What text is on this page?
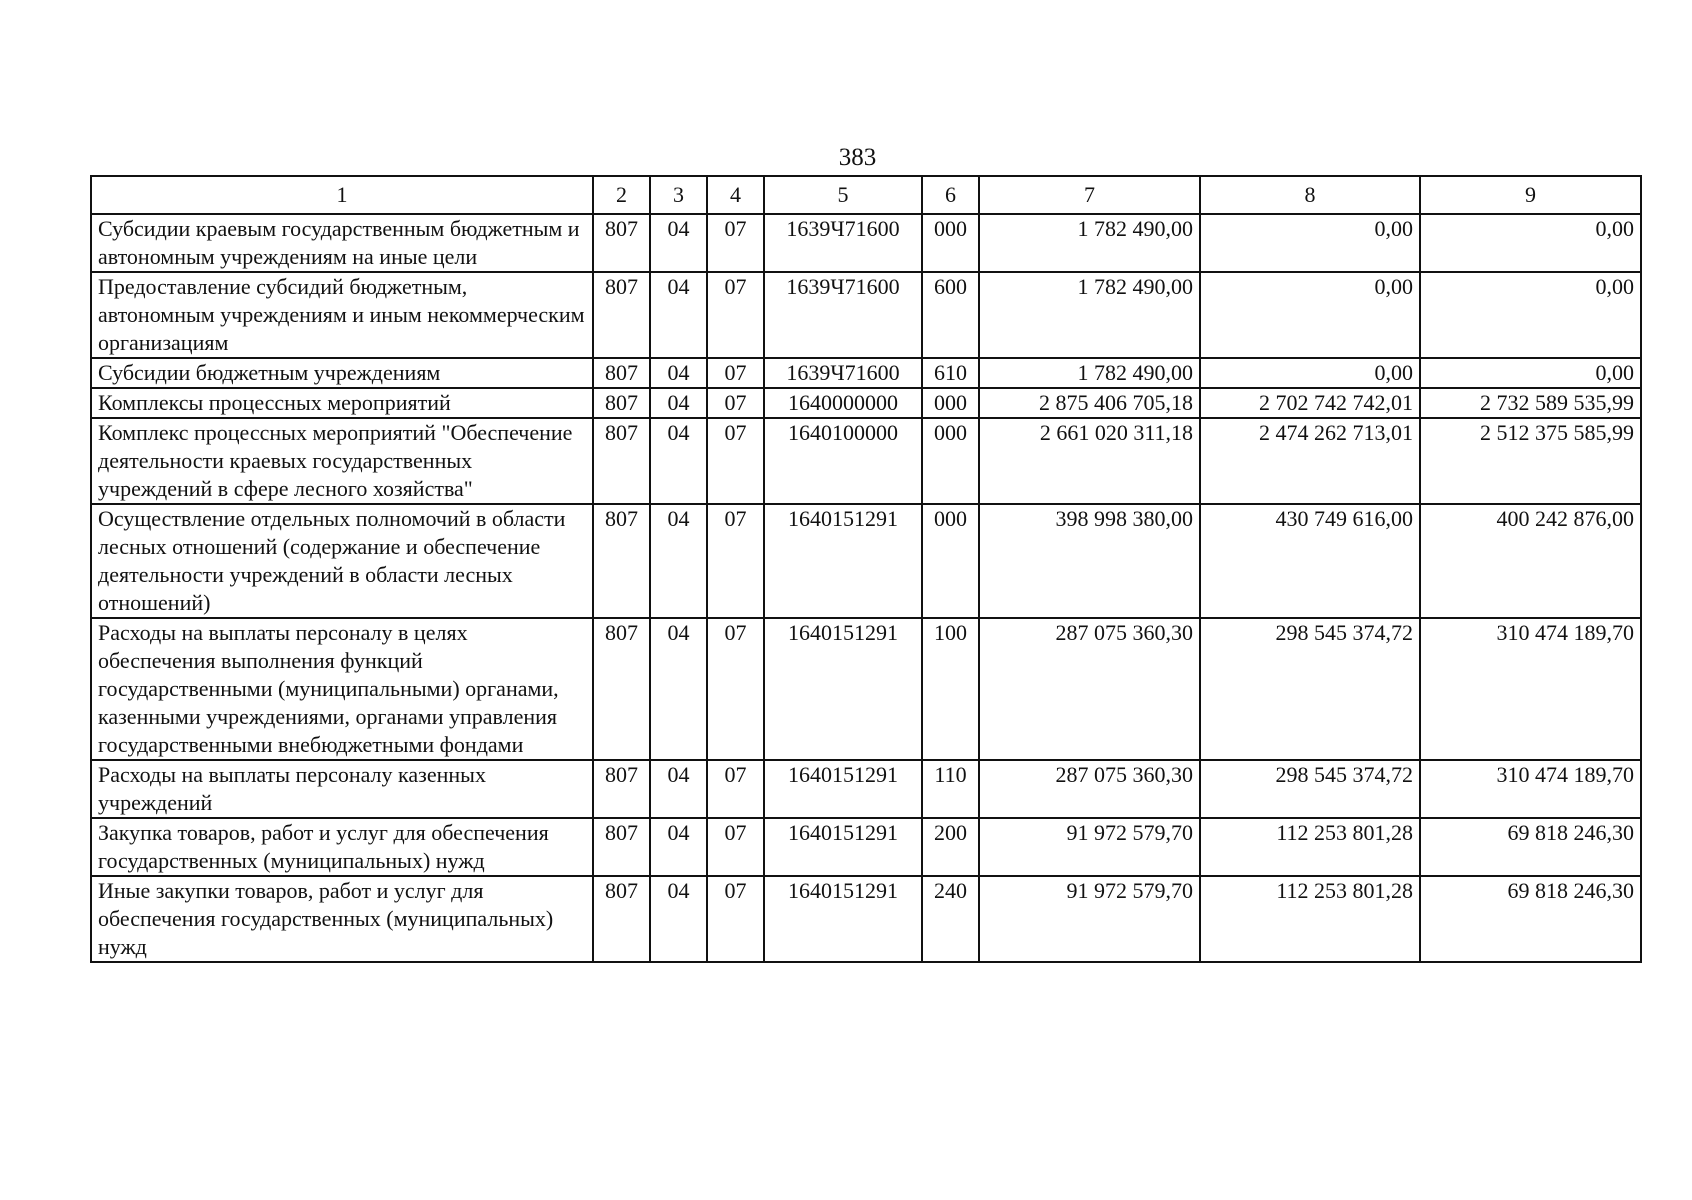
383
1	2	3	4	5	6	7	8	9
Субсидии краевым государственным бюджетным и автономным учреждениям на иные цели	807	04	07	1639Ч71600	000	1 782 490,00	0,00	0,00
Предоставление субсидий бюджетным, автономным учреждениям и иным некоммерческим организациям	807	04	07	1639Ч71600	600	1 782 490,00	0,00	0,00
Субсидии бюджетным учреждениям	807	04	07	1639Ч71600	610	1 782 490,00	0,00	0,00
Комплексы процессных мероприятий	807	04	07	1640000000	000	2 875 406 705,18	2 702 742 742,01	2 732 589 535,99
Комплекс процессных мероприятий "Обеспечение деятельности краевых государственных учреждений в сфере лесного хозяйства"	807	04	07	1640100000	000	2 661 020 311,18	2 474 262 713,01	2 512 375 585,99
Осуществление отдельных полномочий в области лесных отношений (содержание и обеспечение деятельности учреждений в области лесных отношений)	807	04	07	1640151291	000	398 998 380,00	430 749 616,00	400 242 876,00
Расходы на выплаты персоналу в целях обеспечения выполнения функций государственными (муниципальными) органами, казенными учреждениями, органами управления государственными внебюджетными фондами	807	04	07	1640151291	100	287 075 360,30	298 545 374,72	310 474 189,70
Расходы на выплаты персоналу казенных учреждений	807	04	07	1640151291	110	287 075 360,30	298 545 374,72	310 474 189,70
Закупка товаров, работ и услуг для обеспечения государственных (муниципальных) нужд	807	04	07	1640151291	200	91 972 579,70	112 253 801,28	69 818 246,30
Иные закупки товаров, работ и услуг для обеспечения государственных (муниципальных) нужд	807	04	07	1640151291	240	91 972 579,70	112 253 801,28	69 818 246,30
